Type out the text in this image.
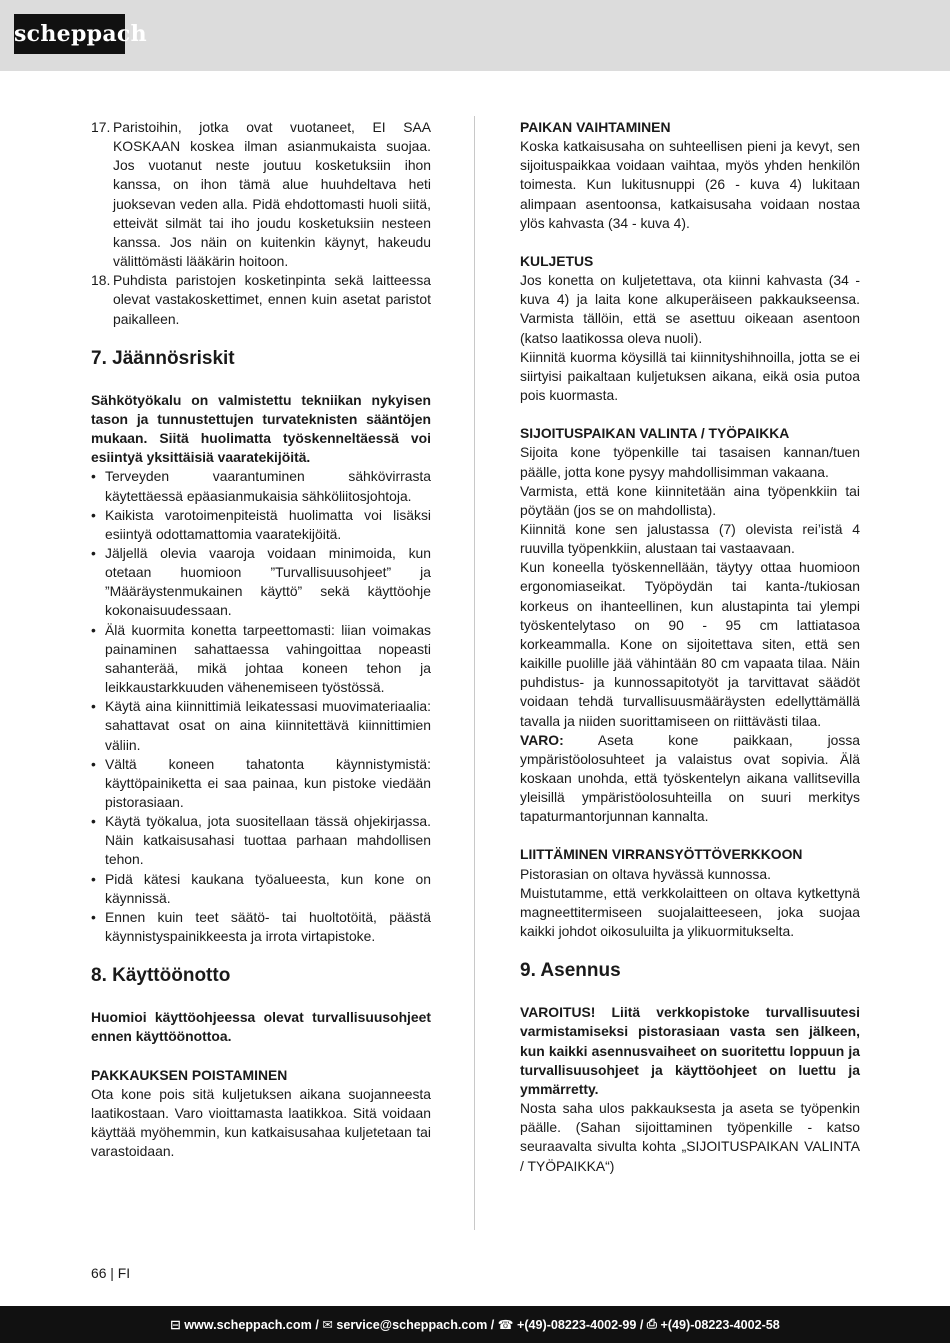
scheppach
17. Paristoihin, jotka ovat vuotaneet, EI SAA KOSKAAN koskea ilman asianmukaista suojaa. Jos vuotanut neste joutuu kosketuksiin ihon kanssa, on ihon tämä alue huuhdeltava heti juoksevan veden alla. Pidä ehdottomasti huoli siitä, etteivät silmät tai iho joudu kosketuksiin nesteen kanssa. Jos näin on kuitenkin käynyt, hakeudu välittömästi lääkärin hoitoon.
18. Puhdista paristojen kosketinpinta sekä laitteessa olevat vastakoskettimet, ennen kuin asetat paristot paikalleen.
7. Jäännösriskit

Sähkötyökalu on valmistettu tekniikan nykyisen tason ja tunnustettujen turvateknisten sääntöjen mukaan. Siitä huolimatta työskenneltäessä voi esiintyä yksittäisiä vaaratekijöitä.

• Terveyden vaarantuminen sähkövirrasta käytettäessä epäasianmukaisia sähköliitosjohtoja.
• Kaikista varotoimenpiteistä huolimatta voi lisäksi esiintyä odottamattomia vaaratekijöitä.
• Jäljellä olevia vaaroja voidaan minimoida, kun otetaan huomioon ”Turvallisuusohjeet” ja ”Määräystenmukainen käyttö” sekä käyttöohje kokonaisuudessaan.
• Älä kuormita konetta tarpeettomasti: liian voimakas painaminen sahattaessa vahingoittaa nopeasti sahanterää, mikä johtaa koneen tehon ja leikkaustarkkuuden vähenemiseen työstössä.
• Käytä aina kiinnittimiä leikatessasi muovimateriaalia: sahattavat osat on aina kiinnitettävä kiinnittimien väliin.
• Vältä koneen tahatonta käynnistymistä: käyttöpainiketta ei saa painaa, kun pistoke viedään pistorasiaan.
• Käytä työkalua, jota suositellaan tässä ohjekirjassa. Näin katkaisusahasi tuottaa parhaan mahdollisen tehon.
• Pidä kätesi kaukana työalueesta, kun kone on käynnissä.
• Ennen kuin teet säätö- tai huoltotöitä, päästä käynnistyspainikkeesta ja irrota virtapistoke.
8. Käyttöönotto

Huomioi käyttöohjeessa olevat turvallisuusohjeet ennen käyttöönottoa.

PAKKAUKSEN POISTAMINEN

Ota kone pois sitä kuljetuksen aikana suojanneesta laatikostaan. Varo vioittamasta laatikkoa. Sitä voidaan käyttää myöhemmin, kun katkaisusahaa kuljetetaan tai varastoidaan.

PAIKAN VAIHTAMINEN

Koska katkaisusaha on suhteellisen pieni ja kevyt, sen sijoituspaikkaa voidaan vaihtaa, myös yhden henkilön toimesta. Kun lukitusnuppi (26 - kuva 4) lukitaan alimpaan asentoonsa, katkaisusaha voidaan nostaa ylös kahvasta (34 - kuva 4).

KULJETUS

Jos konetta on kuljetettava, ota kiinni kahvasta (34 - kuva 4) ja laita kone alkuperäiseen pakkaukseensa. Varmista tällöin, että se asettuu oikeaan asentoon (katso laatikossa oleva nuoli).

Kiinnitä kuorma köysillä tai kiinnityshihnoilla, jotta se ei siirtyisi paikaltaan kuljetuksen aikana, eikä osia putoa pois kuormasta.

SIJOITUSPAIKAN VALINTA / TYÖPAIKKA

Sijoita kone työpenkille tai tasaisen kannan/tuen päälle, jotta kone pysyy mahdollisimman vakaana.

Varmista, että kone kiinnitetään aina työpenkkiin tai pöytään (jos se on mahdollista).

Kiinnitä kone sen jalustassa (7) olevista rei’istä 4 ruuvilla työpenkkiin, alustaan tai vastaavaan.

Kun koneella työskennellään, täytyy ottaa huomioon ergonomiaseikat. Työpöydän tai kanta-/tukiosan korkeus on ihanteellinen, kun alustapinta tai ylempi työskentelytaso on 90 - 95 cm lattiatasoa korkeammalla. Kone on sijoitettava siten, että sen kaikille puolille jää vähintään 80 cm vapaata tilaa. Näin puhdistus- ja kunnossapitotyöt ja tarvittavat säädöt voidaan tehdä turvallisuusmääräysten edellyttämällä tavalla ja niiden suorittamiseen on riittävästi tilaa.

VARO: Aseta kone paikkaan, jossa ympäristöolosuhteet ja valaistus ovat sopivia. Älä koskaan unohda, että työskentelyn aikana vallitsevilla yleisillä ympäristöolosuhteilla on suuri merkitys tapaturmantorjunnan kannalta.

LIITTÄMINEN VIRRANSYÖTTÖVERKKOON

Pistorasian on oltava hyvässä kunnossa.

Muistutamme, että verkkolaitteen on oltava kytkettynä magneettitermiseen suojalaitteeseen, joka suojaa kaikki johdot oikosuluilta ja ylikuormitukselta.

9. Asennus

VAROITUS! Liitä verkkopistoke turvallisuutesi varmistamiseksi pistorasiaan vasta sen jälkeen, kun kaikki asennusvaiheet on suoritettu loppuun ja turvallisuusohjeet ja käyttöohjeet on luettu ja ymmärretty.

Nosta saha ulos pakkauksesta ja aseta se työpenkin päälle. (Sahan sijoittaminen työpenkille - katso seuraavalta sivulta kohta „SIJOITUSPAIKAN VALINTA / TYÖPAIKKA“)

66 | FI
⊟
www.scheppach.com / ✉
service@scheppach.com / ☎
+(49)-08223-4002-99 / ⎙
+(49)-08223-4002-58
